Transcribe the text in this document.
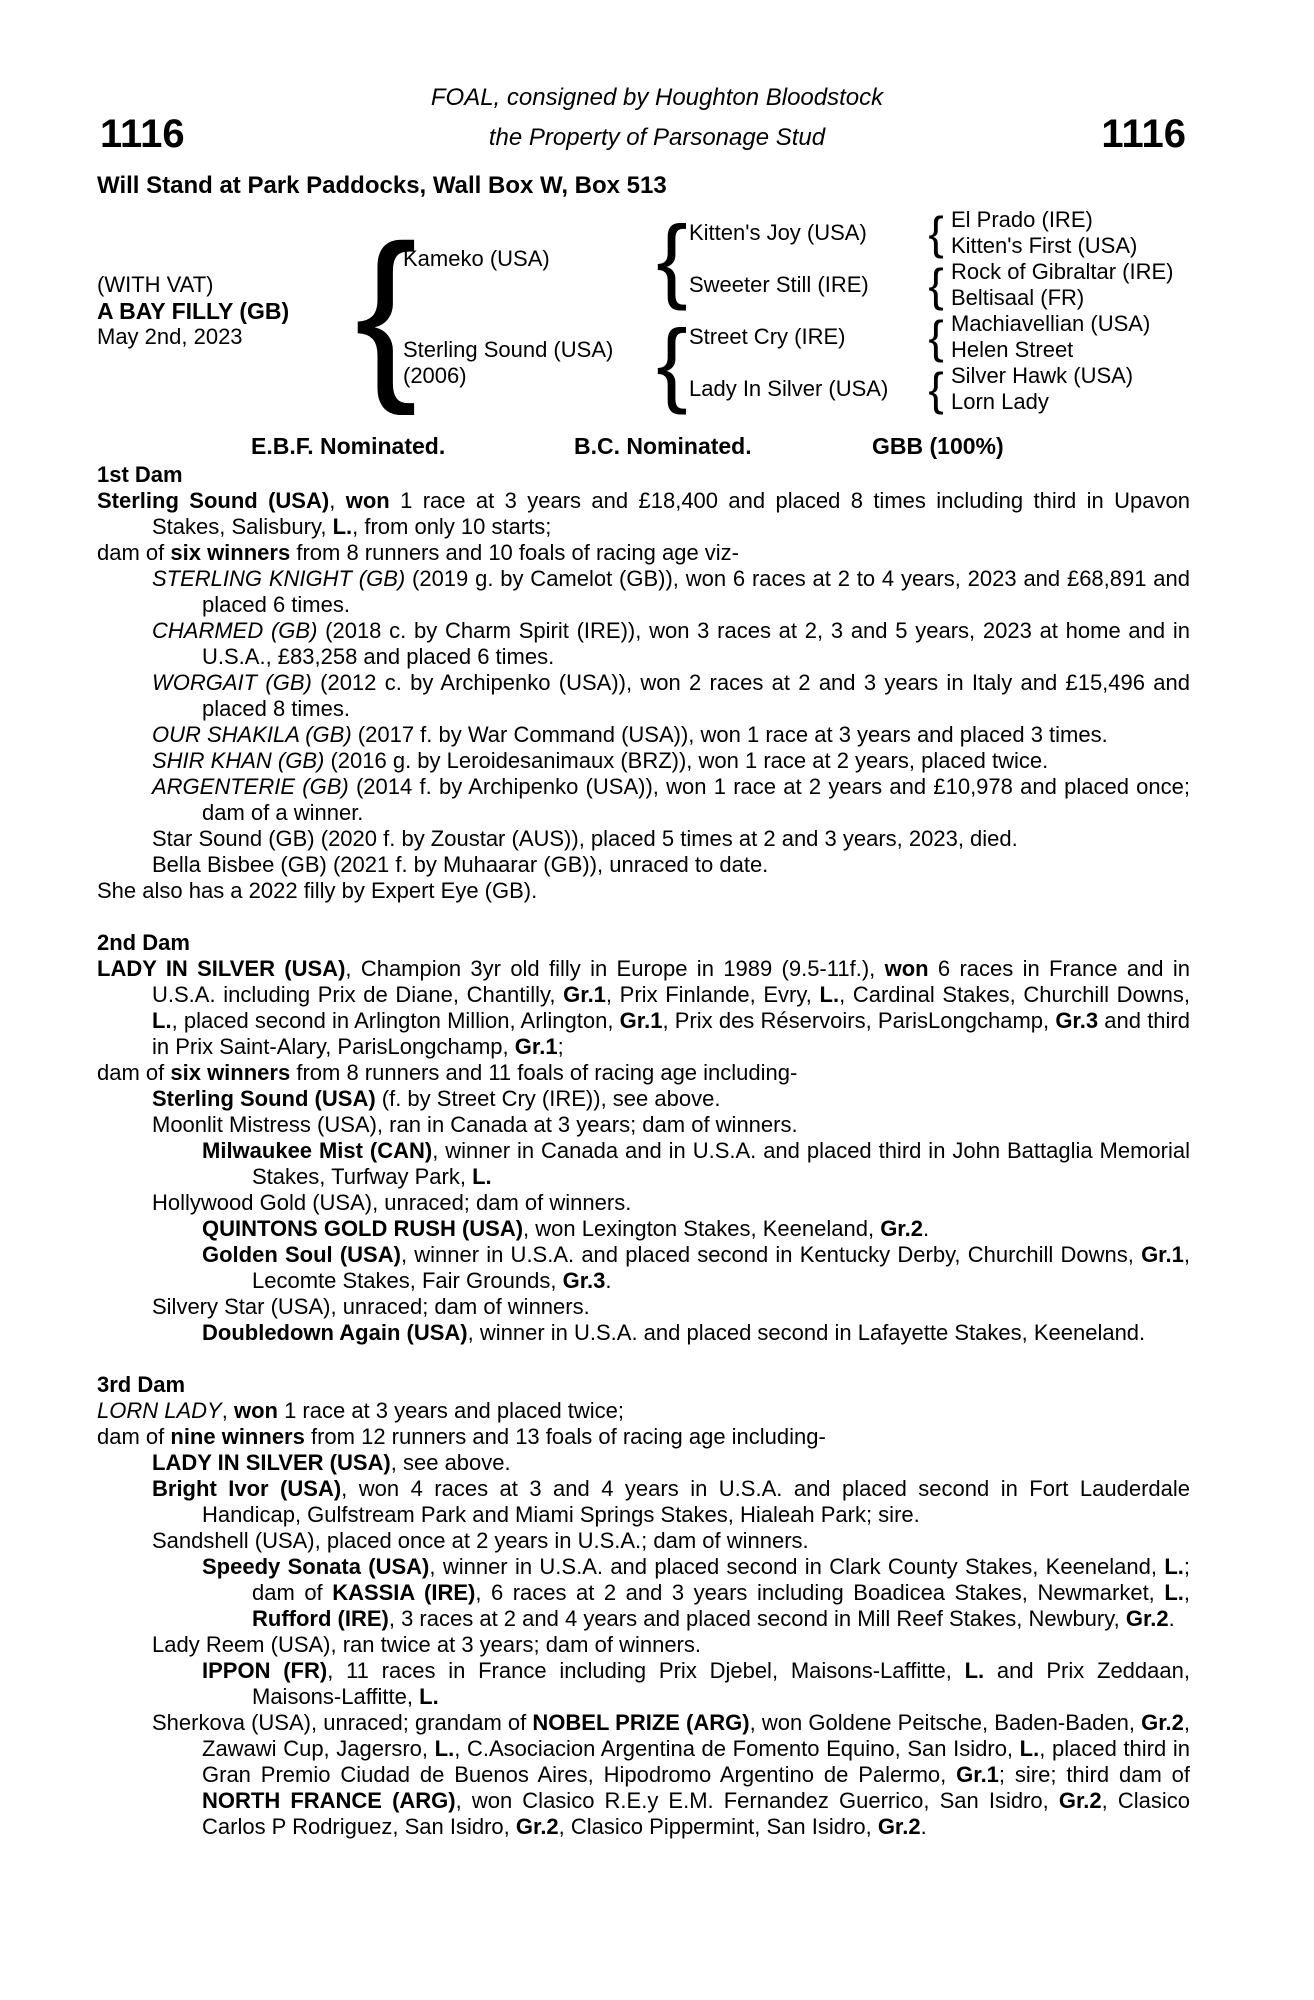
FOAL, consigned by Houghton Bloodstock
1116	the Property of Parsonage Stud	1116
Will Stand at Park Paddocks, Wall Box W, Box 513
(WITH VAT)
A BAY FILLY (GB)
May 2nd, 2023 {
Kameko (USA)
Sterling Sound (USA)
(2006)
{
{
Kitten's Joy (USA)
Sweeter Still (IRE)
Street Cry (IRE)
Lady In Silver (USA)
{
{
{
{
El Prado (IRE)
Kitten's First (USA)
Rock of Gibraltar (IRE)
Beltisaal (FR)
Machiavellian (USA)
Helen Street
Silver Hawk (USA)
Lorn Lady
E.B.F. Nominated.	B.C. Nominated.	GBB (100%)
1st Dam
Sterling Sound (USA), won 1 race at 3 years and £18,400 and placed 8 times including third in Upavon Stakes, Salisbury, L., from only 10 starts;
dam of six winners from 8 runners and 10 foals of racing age viz-
STERLING KNIGHT (GB) (2019 g. by Camelot (GB)), won 6 races at 2 to 4 years, 2023 and £68,891 and placed 6 times.
CHARMED (GB) (2018 c. by Charm Spirit (IRE)), won 3 races at 2, 3 and 5 years, 2023 at home and in U.S.A., £83,258 and placed 6 times.
WORGAIT (GB) (2012 c. by Archipenko (USA)), won 2 races at 2 and 3 years in Italy and £15,496 and placed 8 times.
OUR SHAKILA (GB) (2017 f. by War Command (USA)), won 1 race at 3 years and placed 3 times.
SHIR KHAN (GB) (2016 g. by Leroidesanimaux (BRZ)), won 1 race at 2 years, placed twice.
ARGENTERIE (GB) (2014 f. by Archipenko (USA)), won 1 race at 2 years and £10,978 and placed once; dam of a winner.
Star Sound (GB) (2020 f. by Zoustar (AUS)), placed 5 times at 2 and 3 years, 2023, died.
Bella Bisbee (GB) (2021 f. by Muhaarar (GB)), unraced to date.
She also has a 2022 filly by Expert Eye (GB).
2nd Dam
LADY IN SILVER (USA), Champion 3yr old filly in Europe in 1989 (9.5-11f.), won 6 races in France and in U.S.A. including Prix de Diane, Chantilly, Gr.1, Prix Finlande, Evry, L., Cardinal Stakes, Churchill Downs, L., placed second in Arlington Million, Arlington, Gr.1, Prix des Réservoirs, ParisLongchamp, Gr.3 and third in Prix Saint-Alary, ParisLongchamp, Gr.1;
dam of six winners from 8 runners and 11 foals of racing age including-
Sterling Sound (USA) (f. by Street Cry (IRE)), see above.
Moonlit Mistress (USA), ran in Canada at 3 years; dam of winners.
Milwaukee Mist (CAN), winner in Canada and in U.S.A. and placed third in John Battaglia Memorial Stakes, Turfway Park, L.
Hollywood Gold (USA), unraced; dam of winners.
QUINTONS GOLD RUSH (USA), won Lexington Stakes, Keeneland, Gr.2.
Golden Soul (USA), winner in U.S.A. and placed second in Kentucky Derby, Churchill Downs, Gr.1, Lecomte Stakes, Fair Grounds, Gr.3.
Silvery Star (USA), unraced; dam of winners.
Doubledown Again (USA), winner in U.S.A. and placed second in Lafayette Stakes, Keeneland.
3rd Dam
LORN LADY, won 1 race at 3 years and placed twice;
dam of nine winners from 12 runners and 13 foals of racing age including-
LADY IN SILVER (USA), see above.
Bright Ivor (USA), won 4 races at 3 and 4 years in U.S.A. and placed second in Fort Lauderdale Handicap, Gulfstream Park and Miami Springs Stakes, Hialeah Park; sire.
Sandshell (USA), placed once at 2 years in U.S.A.; dam of winners.
Speedy Sonata (USA), winner in U.S.A. and placed second in Clark County Stakes, Keeneland, L.; dam of KASSIA (IRE), 6 races at 2 and 3 years including Boadicea Stakes, Newmarket, L., Rufford (IRE), 3 races at 2 and 4 years and placed second in Mill Reef Stakes, Newbury, Gr.2.
Lady Reem (USA), ran twice at 3 years; dam of winners.
IPPON (FR), 11 races in France including Prix Djebel, Maisons-Laffitte, L. and Prix Zeddaan, Maisons-Laffitte, L.
Sherkova (USA), unraced; grandam of NOBEL PRIZE (ARG), won Goldene Peitsche, Baden-Baden, Gr.2, Zawawi Cup, Jagersro, L., C.Asociacion Argentina de Fomento Equino, San Isidro, L., placed third in Gran Premio Ciudad de Buenos Aires, Hipodromo Argentino de Palermo, Gr.1; sire; third dam of NORTH FRANCE (ARG), won Clasico R.E.y E.M. Fernandez Guerrico, San Isidro, Gr.2, Clasico Carlos P Rodriguez, San Isidro, Gr.2, Clasico Pippermint, San Isidro, Gr.2.
